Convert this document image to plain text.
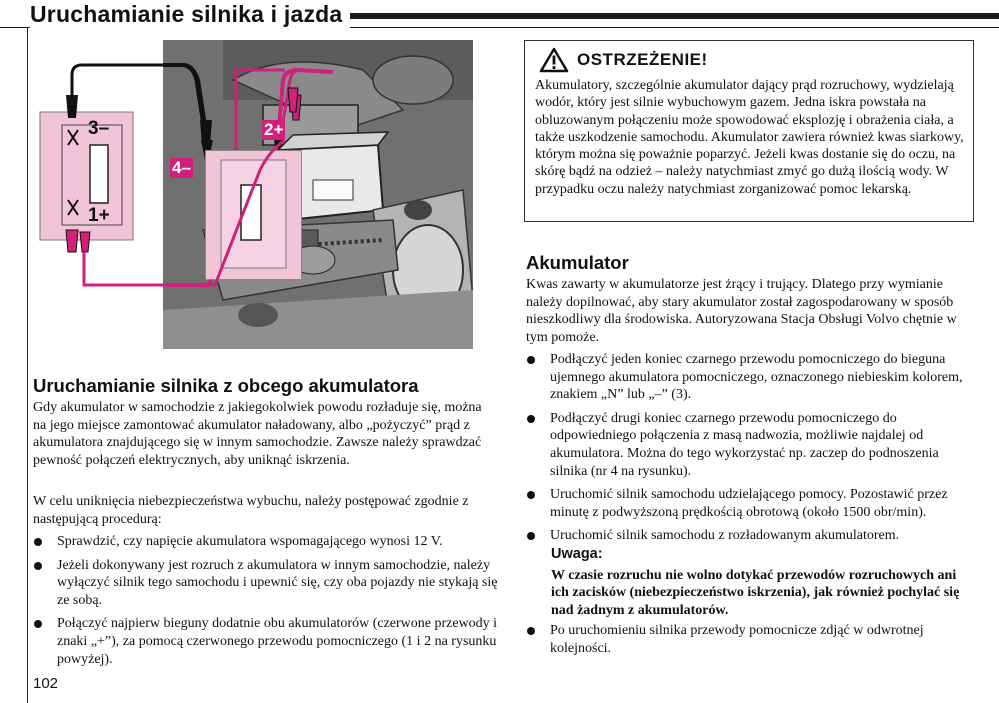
Uruchamianie silnika i jazda
3–
1+
2+
4–
Uruchamianie silnika z obcego akumulatora

Gdy akumulator w samochodzie z jakiegokolwiek powodu rozładuje się, można na jego miejsce zamontować akumulator naładowany, albo „pożyczyć” prąd z akumulatora znajdującego się w innym samochodzie. Zawsze należy sprawdzać pewność połączeń elektrycznych, aby uniknąć iskrzenia.

W celu uniknięcia niebezpieczeństwa wybuchu, należy postępować zgodnie z następującą procedurą:

Sprawdzić, czy napięcie akumulatora wspomagającego wynosi 12 V.
Jeżeli dokonywany jest rozruch z akumulatora w innym samochodzie, należy wyłączyć silnik tego samochodu i upewnić się, czy oba pojazdy nie stykają się ze sobą.
Połączyć najpierw bieguny dodatnie obu akumulatorów (czerwone przewody i znaki „+”), za pomocą czerwonego przewodu pomocniczego (1 i 2 na rysunku powyżej).
OSTRZEŻENIE!

Akumulatory, szczególnie akumulator dający prąd rozruchowy, wydzielają wodór, który jest silnie wybuchowym gazem. Jedna iskra powstała na obluzowanym połączeniu może spowodować eksplozję i obrażenia ciała, a także uszkodzenie samochodu. Akumulator zawiera również kwas siarkowy, którym można się poważnie poparzyć. Jeżeli kwas dostanie się do oczu, na skórę bądź na odzież – należy natychmiast zmyć go dużą ilością wody. W przypadku oczu należy natychmiast zorganizować pomoc lekarską.

Akumulator

Kwas zawarty w akumulatorze jest żrący i trujący. Dlatego przy wymianie należy dopilnować, aby stary akumulator został zagospodarowany w sposób nieszkodliwy dla środowiska. Autoryzowana Stacja Obsługi Volvo chętnie w tym pomoże.

Podłączyć jeden koniec czarnego przewodu pomocniczego do bieguna ujemnego akumulatora pomocniczego, oznaczonego niebieskim kolorem, znakiem „N” lub „–” (3).
Podłączyć drugi koniec czarnego przewodu pomocniczego do odpowiedniego połączenia z masą nadwozia, możliwie najdalej od akumulatora. Można do tego wykorzystać np. zaczep do podnoszenia silnika (nr 4 na rysunku).
Uruchomić silnik samochodu udzielającego pomocy. Pozostawić przez minutę z podwyższoną prędkością obrotową (około 1500 obr/min).
Uruchomić silnik samochodu z rozładowanym akumulatorem.
Uwaga:

W czasie rozruchu nie wolno dotykać przewodów rozruchowych ani ich zacisków (niebezpieczeństwo iskrzenia), jak również pochylać się nad żadnym z akumulatorów.

Po uruchomieniu silnika przewody pomocnicze zdjąć w odwrotnej kolejności.
102
